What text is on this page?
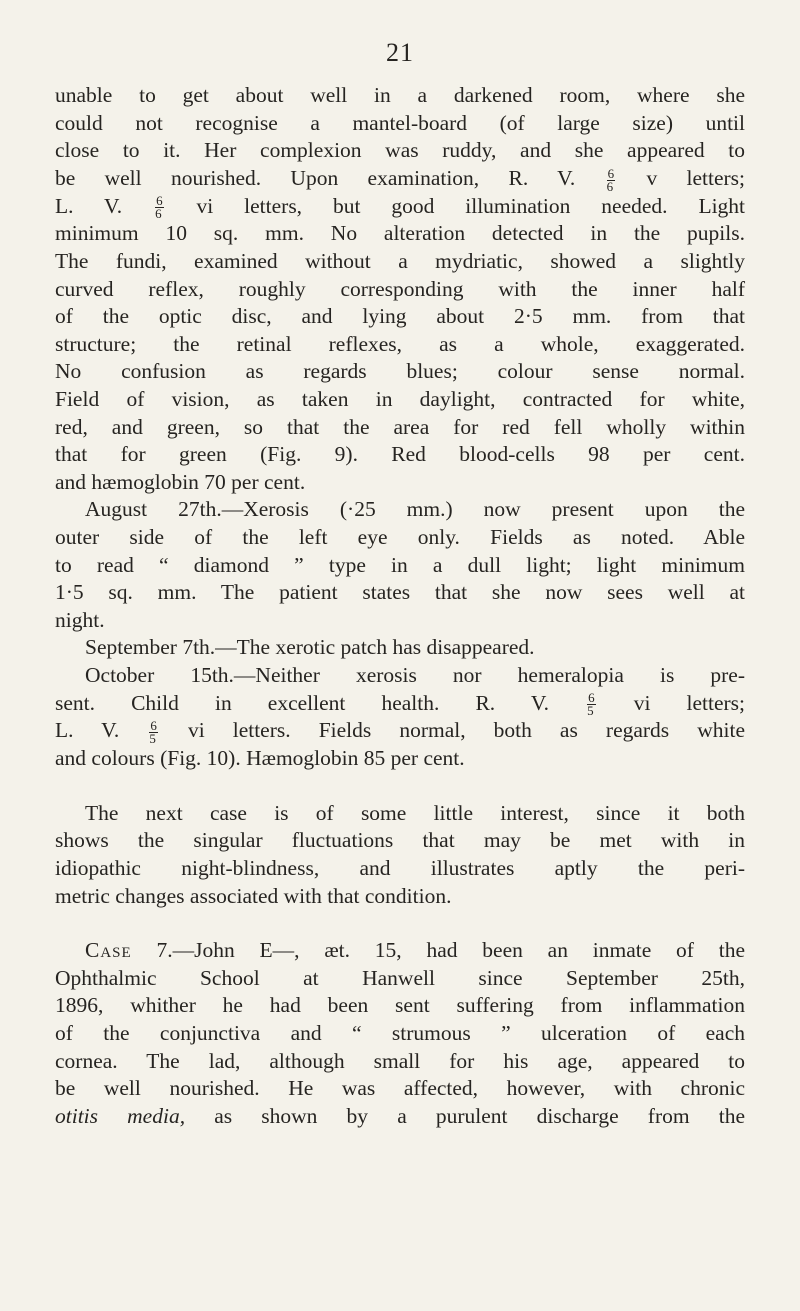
21
unable to get about well in a darkened room, where she
could not recognise a mantel-board (of large size) until
close to it. Her complexion was ruddy, and she appeared to
be well nourished. Upon examination, R. V. $\frac{6}{6}$ v letters;
L. V.	$\frac{6}{6}$ vi letters, but good illumination needed. Light
minimum 10 sq. mm. No alteration detected in the pupils.
The fundi, examined without a mydriatic, showed a slightly
curved reflex, roughly corresponding with the inner half
of the optic disc, and lying about 2·5 mm. from that
structure; the retinal reflexes, as a whole, exaggerated.
No confusion as regards blues; colour sense normal.
Field of vision, as taken in daylight, contracted for white,
red, and green, so that the area for red fell wholly within
that for green (Fig. 9). Red blood-cells 98 per cent.
and hæmoglobin 70 per cent.
August 27th.—Xerosis (·25 mm.) now present upon the
outer side of the left eye only. Fields as noted. Able
to read “ diamond ” type in a dull light; light minimum
1·5 sq. mm. The patient states that she now sees well at
night.
September 7th.—The xerotic patch has disappeared.
October 15th.—Neither xerosis nor hemeralopia is pre-
sent. Child in excellent health. R. V.	$\frac{6}{5}$ vi letters;
L. V. $\frac{6}{5}$ vi letters. Fields normal, both as regards white
and colours (Fig. 10). Hæmoglobin 85 per cent.
The next case is of some little interest, since it both
shows the singular fluctuations that may be met with in
idiopathic night-blindness, and illustrates aptly the peri-
metric changes associated with that condition.
Case 7.—John E—, æt. 15, had been an inmate of the
Ophthalmic School at Hanwell since September 25th,
1896, whither he had been sent suffering from inflammation
of the conjunctiva and “ strumous ” ulceration of each
cornea. The lad, although small for his age, appeared to
be well nourished. He was affected, however, with chronic
otitis media, as shown by a purulent discharge from the
